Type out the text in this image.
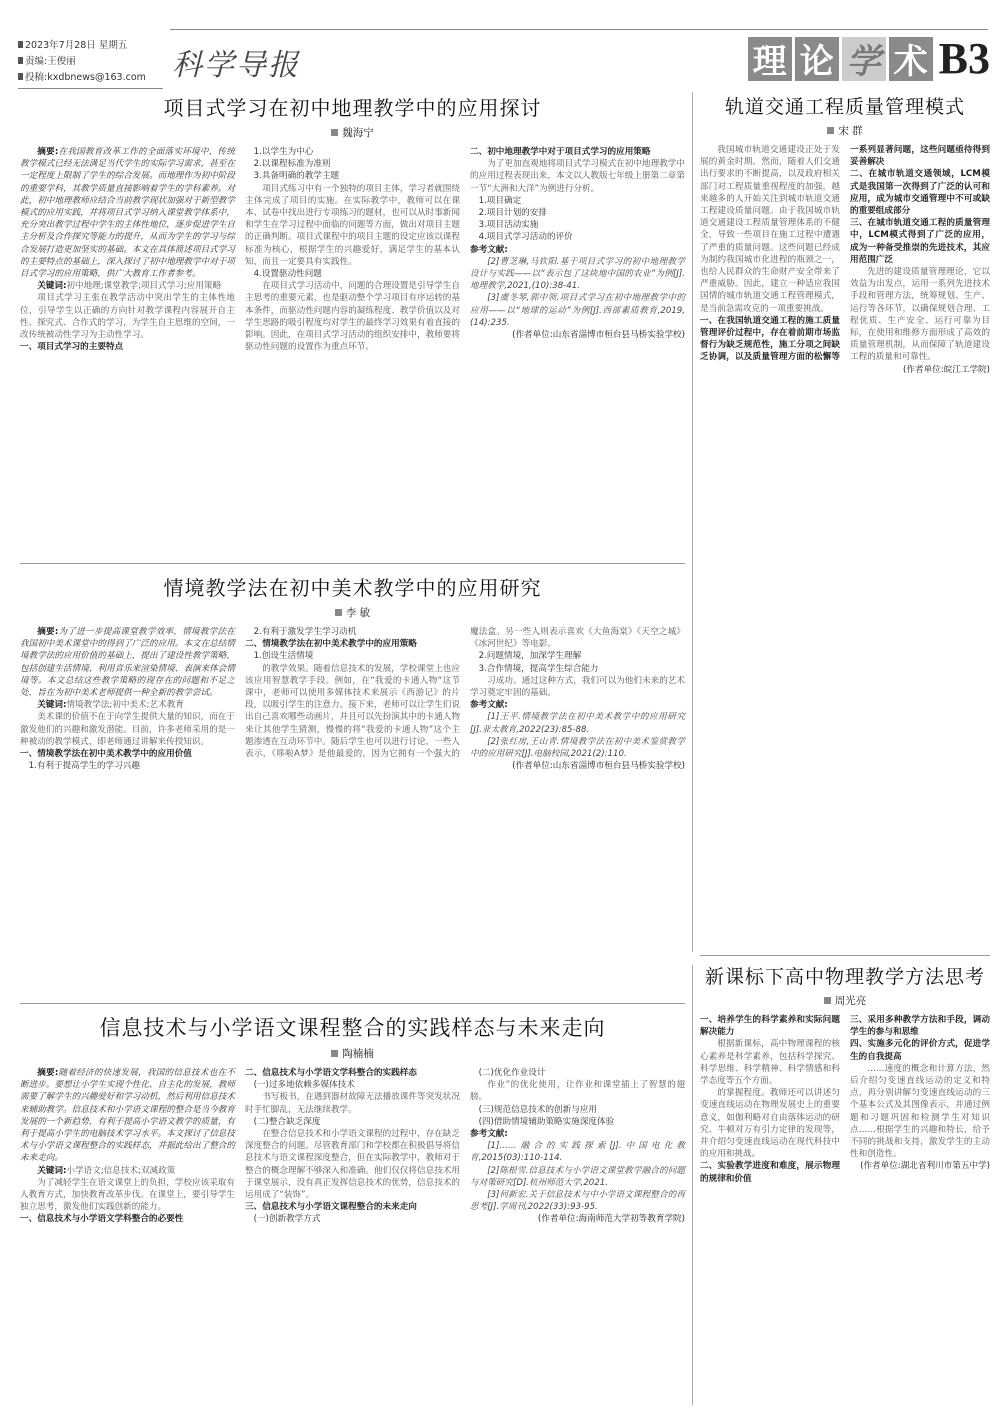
2023年7月28日 星期五
责编:王俊丽
投稿:kxdbnews@163.com 科学导报	理 论 学 术 B3
项目式学习在初中地理教学中的应用探讨
魏海宁

摘要:在我国教育改革工作的全面落实环境中，传统教学模式已经无法满足当代学生的实际学习需求，甚至在一定程度上限制了学生的综合发展。而地理作为初中阶段的重要学科，其教学质量直接影响着学生的学科素养。对此，初中地理教师应结合当前教学现状加强对于新型教学模式的应用实践，并将项目式学习纳入课堂教学体系中，充分突出教学过程中学生的主体性地位，逐步促进学生自主分析及合作探究等能力的提升，从而为学生的学习与综合发展打造更加坚实的基础。本文在具体简述项目式学习的主要特点的基础上，深入探讨了初中地理教学中对于项目式学习的应用策略，供广大教育工作者参考。

关键词:初中地理;课堂教学;项目式学习;应用策略

项目式学习主张在教学活动中突出学生的主体性地位，引导学生以正确的方向针对教学课程内容展开自主性、探究式、合作式的学习，为学生自主思维的空间，一改传统被动性学习为主动性学习。

一、项目式学习的主要特点

1.以学生为中心

2.以课程标准为准则

3.具备明确的教学主题

项目式练习中有一个独特的项目主体，学习者就围绕主体完成了项目的实施。在实际教学中，教师可以在课本、试卷中找出进行专项练习的题材，也可以从时事新闻和学生在学习过程中面临的问题等方面，做出对项目主题的正确判断。项目式课程中的项目主题的设定应该以课程标准为核心，根据学生的兴趣爱好，满足学生的基本认知，而且一定要具有实践性。

4.设置驱动性问题

在项目式学习活动中，问题的合理设置是引导学生自主思考的重要元素，也是驱动整个学习项目有序运转的基本条件，而驱动性问题内容的凝练程度、教学价值以及对学生思路的吸引程度均对学生的最终学习效果有着直接的影响。因此，在项目式学习活动的组织安排中，教师要将驱动性问题的设置作为重点环节。

二、初中地理教学中对于项目式学习的应用策略

为了更加直观地将项目式学习模式在初中地理教学中的应用过程表现出来，本文以人教版七年级上册第二章第一节“大洲和大洋”为例进行分析。

1.项目确定

2.项目计划的安排

3.项目活动实施

4.项目式学习活动的评价

参考文献:

[2]曹芝琳,马钦阳.基于项目式学习的初中地理教学设计与实践——以“表示包了这块地中国的农业”为例[J].地理教学,2021,(10):38-41.

[3]虞冬琴,郭中领.项目式学习在初中地理教学中的应用——以“地球的运动”为例[J].西部素质教育,2019,(14):235.

(作者单位:山东省淄博市桓台县马桥实验学校)

情境教学法在初中美术教学中的应用研究
李 敏

摘要:为了进一步提高课堂教学效率，情境教学法在我国初中美术课堂中的得到了广泛的应用。本文在总结情境教学法的应用价值的基础上，提出了建设性教学策略，包括创建生活情境、利用音乐来渲染情境、表演来体会情境等。本文总结这些教学策略的现存在的问题和不足之处，旨在为初中美术老师提供一种全新的教学尝试。

关键词:情境教学法;初中美术;艺术教育

美术课的价值不在于向学生提供大量的知识，而在于激发他们的兴趣和激发潜能。目前，许多老师采用的是一种被动的教学模式，即老师通过讲解来传授知识。

一、情境教学法在初中美术教学中的应用价值

1.有利于提高学生的学习兴趣

2.有利于激发学生学习动机

二、情境教学法在初中美术教学中的应用策略

1.创设生活情境

的教学效果。随着信息技术的发展，学校课堂上也应该应用智慧教学手段。例如，在“我爱的卡通人物”这节课中，老师可以使用多媒体技术来展示《西游记》的片段，以吸引学生的注意力。接下来，老师可以让学生们说出自己喜欢哪些动画片，并且可以先扮演其中的卡通人物来让其他学生猜测，慢慢的将“我爱的卡通人物”这个主题渗透在互动环节中。随后学生也可以进行讨论，一些人表示，《哆啦A梦》是他最爱的，因为它拥有一个强大的魔法盒。另一些人则表示喜欢《大鱼海棠》《天空之城》《冰河世纪》等电影。

2.问题情境，加深学生理解

3.合作情境，提高学生综合能力

习成功。通过这种方式，我们可以为他们未来的艺术学习奠定牢固的基础。

参考文献:

[1]王平.情境教学法在初中美术教学中的应用研究[J].亚太教育,2022(23):85-88.

[2]张红房,王山青.情境教学法在初中美术鉴赏教学中的应用研究[J].电脑校园,2021(2):110.

(作者单位:山东省淄博市桓台县马桥实验学校)

轨道交通工程质量管理模式
宋 群

我国城市轨道交通建设正处于发展的黄金时期。然而，随着人们交通出行要求的不断提高，以及政府相关部门对工程质量重视程度的加强，越来越多的人开始关注到城市轨道交通工程建设质量问题。由于我国城市轨道交通建设工程质量管理体系的不健全，导致一些项目在施工过程中遭遇了严重的质量问题。这些问题已经成为制约我国城市化进程的瓶颈之一，也给人民群众的生命财产安全带来了严重威胁。因此，建立一种适应我国国情的城市轨道交通工程管理模式，是当前急需攻克的一项重要挑战。

一、在我国轨道交通工程的施工质量管理评价过程中，存在着前期市场监督行为缺乏规范性，施工分项之间缺乏协调，以及质量管理方面的松懈等一系列显著问题，这些问题亟待得到妥善解决

二、在城市轨道交通领域，LCM模式是我国第一次得到了广泛的认可和应用，成为城市交通管理中不可或缺的重要组成部分

三、在城市轨道交通工程的质量管理中，LCM模式得到了广泛的应用，成为一种备受推崇的先进技术，其应用范围广泛

先进的建设质量管理理论，它以效益为出发点，运用一系列先进技术手段和管理方法，统筹规划、生产、运行等各环节，以确保规划合理、工程优质、生产安全、运行可靠为目标，在使用和维修方面形成了高效的质量管理机制，从而保障了轨道建设工程的质量和可靠性。

(作者单位:皖江工学院)

信息技术与小学语文课程整合的实践样态与未来走向
陶楠楠

摘要:随着经济的快速发展，我国的信息技术也在不断进步。要想让小学生实现个性化、自主化的发展，教师需要了解学生的兴趣爱好和学习动机，然后利用信息技术来辅助教学。信息技术和小学语文课程的整合是当今教育发展的一个新趋势，有利于提高小学语文教学的质量，有利于提高小学生的电脑技术学习水平。本文探讨了信息技术与小学语文课程整合的实践样态，并据此给出了整合的未来走向。

关键词:小学语文;信息技术;双减政策

为了减轻学生在语文课堂上的负担，学校应该采取有人教育方式，加快教育改革步伐。在课堂上，要引导学生独立思考，激发他们实践创新的能力。

一、信息技术与小学语文学科整合的必要性

二、信息技术与小学语文学科整合的实践样态

(一)过多地依赖多媒体技术

书写板书，在遇到器材故障无法播放课件等突发状况时手忙脚乱，无法继续教学。

(二)整合缺乏深度

在整合信息技术和小学语文课程的过程中，存在缺乏深度整合的问题。尽管教育部门和学校都在积极倡导将信息技术与语文课程深度整合，但在实际教学中，教师对于整合的概念理解不够深入和准确。他们仅仅将信息技术用于课堂展示，没有真正发挥信息技术的优势，信息技术的运用成了“装饰”。

三、信息技术与小学语文课程整合的未来走向

(一)创新教学方式

(二)优化作业设计

作业”的优化使用，让作业和课堂插上了智慧的翅膀。

(三)规范信息技术的创新与应用

(四)借助情境辅助策略实施深度体验

参考文献:

[1]……融合的实践探索[J].中国电化教育,2015(03):110-114.

[2]陈根雪.信息技术与小学语文课堂教学融合的问题与对策研究[D].杭州师范大学,2021.

[3]何新宏.关于信息技术与中小学语文课程整合的再思考[J].学周刊,2022(33):93-95.

(作者单位:海南师范大学初等教育学院)

新课标下高中物理教学方法思考
周光亮

一、培养学生的科学素养和实际问题解决能力

根据新课标，高中物理课程的核心素养是科学素养，包括科学探究、科学思维、科学精神、科学情感和科学态度等五个方面。

的掌握程度。教师还可以讲述匀变速直线运动在物理发展史上的重要意义，如伽利略对自由落体运动的研究、牛顿对万有引力定律的发现等，并介绍匀变速直线运动在现代科技中的应用和挑战。

二、实验教学进度和难度，展示物理的规律和价值

三、采用多种教学方法和手段，调动学生的参与和思维

四、实施多元化的评价方式，促进学生的自我提高

……速度的概念和计算方法，然后介绍匀变速直线运动的定义和特点，再分别讲解匀变速直线运动的三个基本公式及其图像表示，并通过例题和习题巩固和检测学生对知识点……根据学生的兴趣和特长，给予不同的挑战和支持，激发学生的主动性和创造性。

(作者单位:湖北省利川市第五中学)
